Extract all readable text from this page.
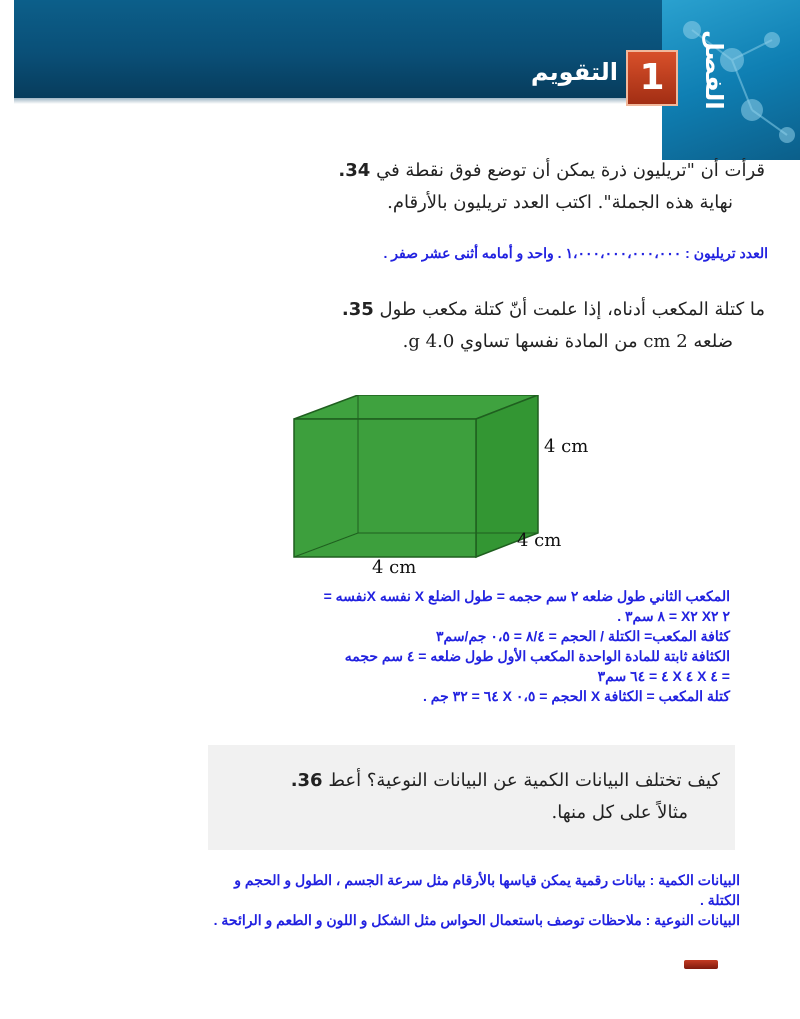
الفصل
1
التقويم
قرأت أن "تريليون ذرة يمكن أن توضع فوق نقطة في 34.
نهاية هذه الجملة". اكتب العدد تريليون بالأرقام.
العدد تريليون : ١،٠٠٠،٠٠٠،٠٠٠،٠٠٠ . واحد و أمامه أثنى عشر صفر .
ما كتلة المكعب أدناه، إذا علمت أنّ كتلة مكعب طول 35.
ضلعه 2 cm من المادة نفسها تساوي 4.0 g.
4 cm
4 cm
4 cm
المكعب الثاني طول ضلعه ٢ سم حجمه = طول الضلع X نفسه Xنفسه =
٢ X٢ X٢ = ٨ سم٣ .
كثافة المكعب= الكتلة / الحجم = ٨/٤ = ٠،٥ جم/سم٣
الكثافة ثابتة للمادة الواحدة المكعب الأول طول ضلعه = ٤ سم حجمه
= ٤ X ٤ X ٤ = ٦٤ سم٣
كتلة المكعب = الكثافة X الحجم = ٠،٥ X ٦٤ = ٣٢ جم .
كيف تختلف البيانات الكمية عن البيانات النوعية؟ أعط 36.
مثالاً على كل منها.
البيانات الكمية : بيانات رقمية يمكن قياسها بالأرقام مثل سرعة الجسم ، الطول و الحجم و
الكتلة .
البيانات النوعية : ملاحظات توصف باستعمال الحواس مثل الشكل و اللون و الطعم و الرائحة .
